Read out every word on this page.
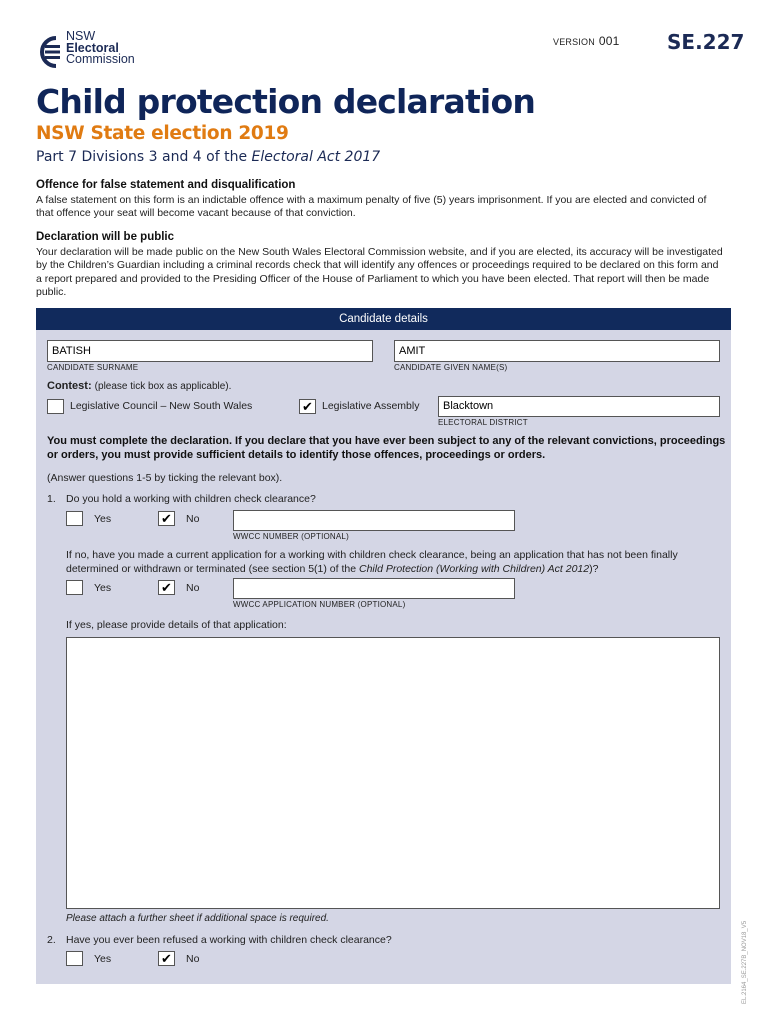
NSW
Electoral
Commission
VERSION 001 SE.227
Child protection declaration
NSW State election 2019
Part 7 Divisions 3 and 4 of the Electoral Act 2017
Offence for false statement and disqualification
A false statement on this form is an indictable offence with a maximum penalty of five (5) years imprisonment. If you are elected and convicted of that offence your seat will become vacant because of that conviction.
Declaration will be public
Your declaration will be made public on the New South Wales Electoral Commission website, and if you are elected, its accuracy will be investigated by the Children’s Guardian including a criminal records check that will identify any offences or proceedings required to be declared on this form and a report prepared and provided to the Presiding Officer of the House of Parliament to which you have been elected. That report will then be made public.
Candidate details
BATISH
CANDIDATE SURNAME
AMIT
CANDIDATE GIVEN NAME(S)
Contest: (please tick box as applicable).
Legislative Council – New South Wales	✔ Legislative Assembly	Blacktown
ELECTORAL DISTRICT
You must complete the declaration. If you declare that you have ever been subject to any of the relevant convictions, proceedings or orders, you must provide sufficient details to identify those offences, proceedings or orders.
(Answer questions 1-5 by ticking the relevant box).
1. Do you hold a working with children check clearance?
Yes	✔ No
WWCC NUMBER (OPTIONAL)
If no, have you made a current application for a working with children check clearance, being an application that has not been finally determined or withdrawn or terminated (see section 5(1) of the Child Protection (Working with Children) Act 2012)?
Yes	✔ No
WWCC APPLICATION NUMBER (OPTIONAL)
If yes, please provide details of that application:
Please attach a further sheet if additional space is required.
2. Have you ever been refused a working with children check clearance?
Yes	✔ No	EL.2164_SE.227B_NOV18_V5
